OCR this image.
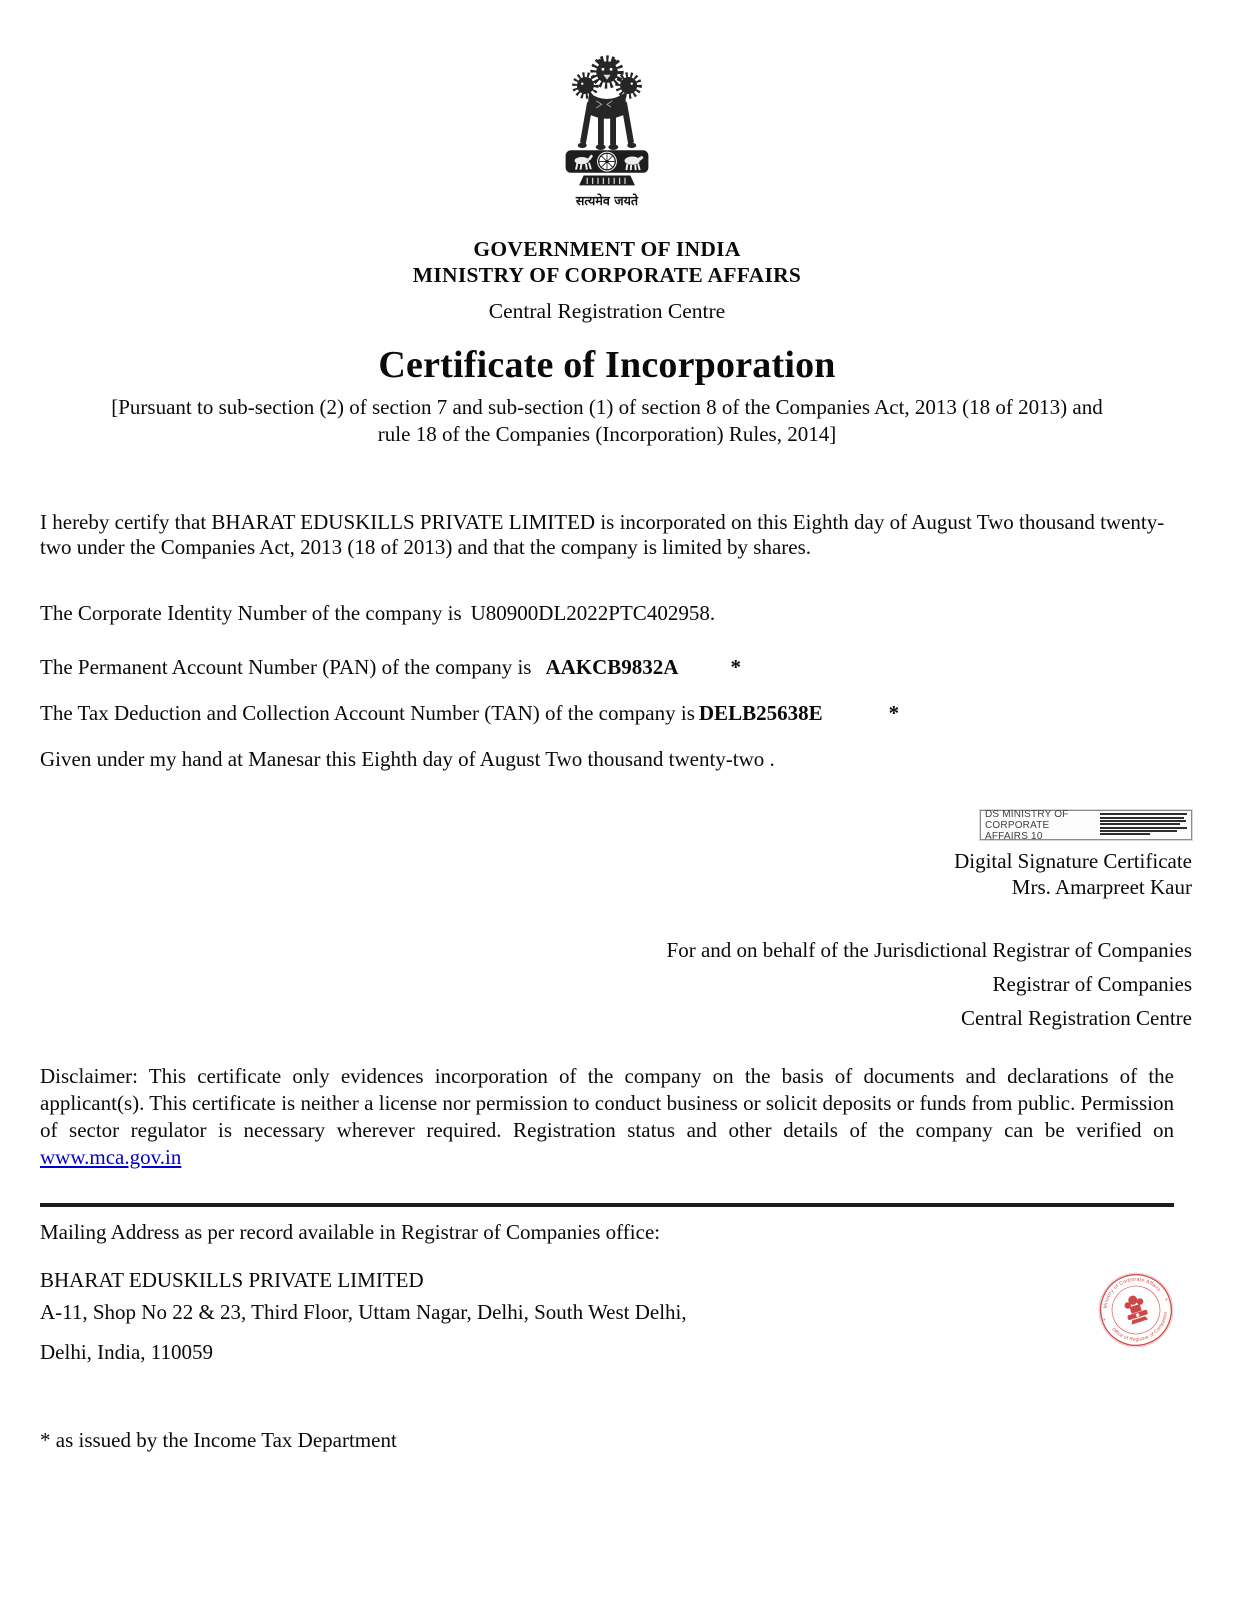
सत्यमेव जयते
GOVERNMENT OF INDIA
MINISTRY OF CORPORATE AFFAIRS
Central Registration Centre
Certificate of Incorporation
[Pursuant to sub-section (2) of section 7 and sub-section (1) of section 8 of the Companies Act, 2013 (18 of 2013) and
rule 18 of the Companies (Incorporation) Rules, 2014]

I hereby certify that BHARAT EDUSKILLS PRIVATE LIMITED is incorporated on this Eighth day of August Two thousand twenty-two under the Companies Act, 2013 (18 of 2013) and that the company is limited by shares.

The Corporate Identity Number of the company is U80900DL2022PTC402958.

The Permanent Account Number (PAN) of the company is AAKCB9832A *

The Tax Deduction and Collection Account Number (TAN) of the company is DELB25638E	*

Given under my hand at Manesar this Eighth day of August Two thousand twenty-two .

DS MINISTRY OF CORPORATE AFFAIRS 10
Digital Signature Certificate
Mrs. Amarpreet Kaur
For and on behalf of the Jurisdictional Registrar of Companies
Registrar of Companies
Central Registration Centre

Disclaimer: This certificate only evidences incorporation of the company on the basis of documents and declarations of the applicant(s). This certificate is neither a license nor permission to conduct business or solicit deposits or funds from public. Permission of sector regulator is necessary wherever required. Registration status and other details of the company can be verified on www.mca.gov.in

Mailing Address as per record available in Registrar of Companies office:

BHARAT EDUSKILLS PRIVATE LIMITED

A-11, Shop No 22 & 23, Third Floor, Uttam Nagar, Delhi, South West Delhi,

Delhi, India, 110059

* as issued by the Income Tax Department

Ministry of Corporate Affairs
Office of Registrar of Companies
*
*
